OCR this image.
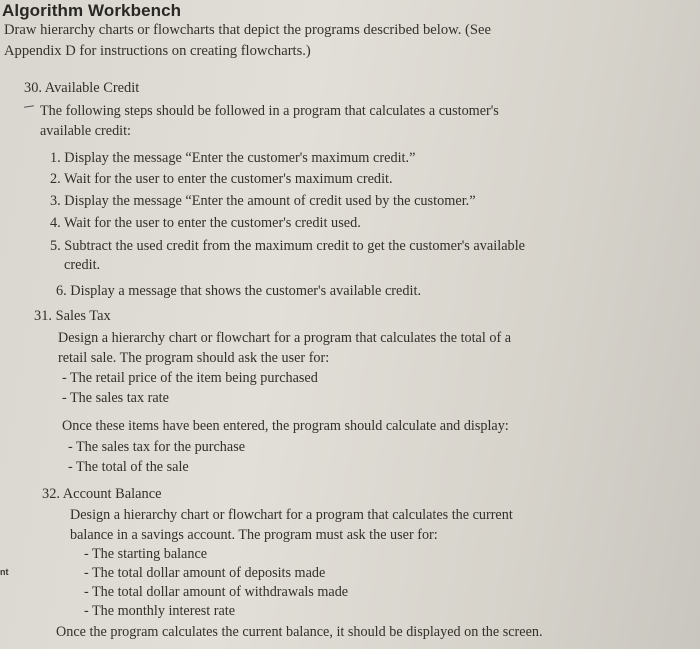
Algorithm Workbench
Draw hierarchy charts or flowcharts that depict the programs described below. (See
Appendix D for instructions on creating flowcharts.)
30. Available Credit
The following steps should be followed in a program that calculates a customer's
available credit:
1. Display the message “Enter the customer's maximum credit.”
2. Wait for the user to enter the customer's maximum credit.
3. Display the message “Enter the amount of credit used by the customer.”
4. Wait for the user to enter the customer's credit used.
5. Subtract the used credit from the maximum credit to get the customer's available
credit.
6. Display a message that shows the customer's available credit.
31. Sales Tax
Design a hierarchy chart or flowchart for a program that calculates the total of a
retail sale. The program should ask the user for:
- The retail price of the item being purchased
- The sales tax rate
Once these items have been entered, the program should calculate and display:
- The sales tax for the purchase
- The total of the sale
32. Account Balance
Design a hierarchy chart or flowchart for a program that calculates the current
balance in a savings account. The program must ask the user for:
- The starting balance
- The total dollar amount of deposits made
- The total dollar amount of withdrawals made
- The monthly interest rate
Once the program calculates the current balance, it should be displayed on the screen.
nt
